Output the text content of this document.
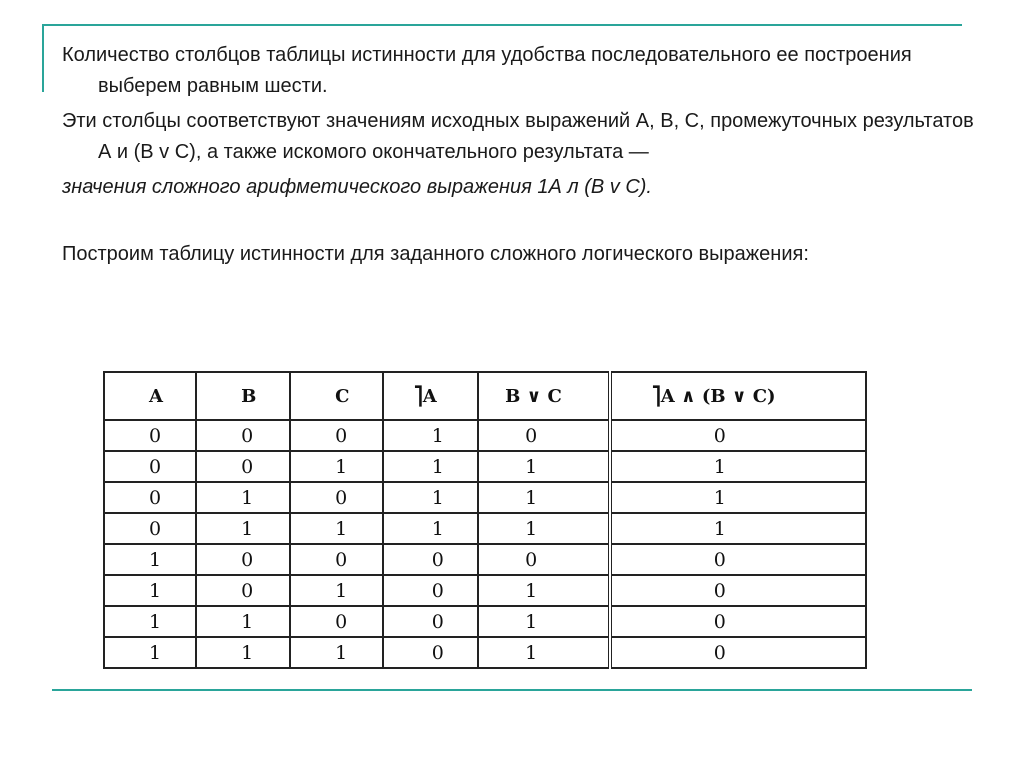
Количество столбцов таблицы истинности для удобства последовательного ее построения выберем равным шести.

Эти столбцы соответствуют значениям исходных выражений А, В, С, промежуточных результатов А и (В v С), а также искомого окончательного результата —

значения сложного арифметического выражения 1А л (В v С).

Построим таблицу истинности для заданного сложного логического выражения:

A	B	C	⎤A	B ∨ C	⎤A ∧ (B ∨ C)
0	0	0	1	0	0
0	0	1	1	1	1
0	1	0	1	1	1
0	1	1	1	1	1
1	0	0	0	0	0
1	0	1	0	1	0
1	1	0	0	1	0
1	1	1	0	1	0
